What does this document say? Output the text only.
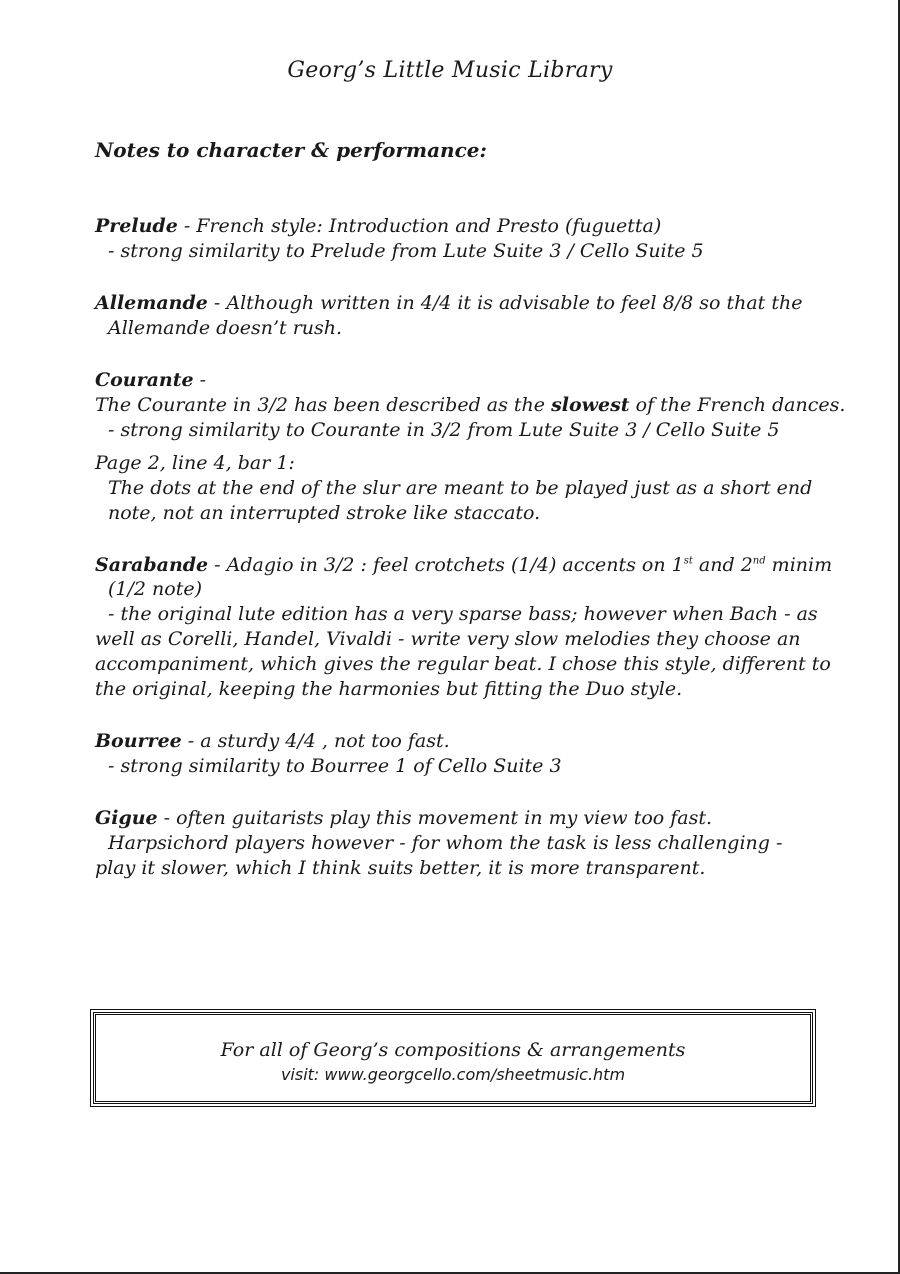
Georg’s Little Music Library
Notes to character & performance:
Prelude - French style: Introduction and Presto (fuguetta)
- strong similarity to Prelude from Lute Suite 3 / Cello Suite 5
Allemande - Although written in 4/4 it is advisable to feel 8/8 so that the
Allemande doesn’t rush.
Courante -
The Courante in 3/2 has been described as the slowest of the French dances.
- strong similarity to Courante in 3/2 from Lute Suite 3 / Cello Suite 5
Page 2, line 4, bar 1:
The dots at the end of the slur are meant to be played just as a short end
note, not an interrupted stroke like staccato.
Sarabande - Adagio in 3/2 : feel crotchets (1/4) accents on 1st and 2nd minim
(1/2 note)
- the original lute edition has a very sparse bass; however when Bach - as
well as Corelli, Handel, Vivaldi - write very slow melodies they choose an
accompaniment, which gives the regular beat. I chose this style, different to
the original, keeping the harmonies but fitting the Duo style.
Bourree - a sturdy 4/4 , not too fast.
- strong similarity to Bourree 1 of Cello Suite 3
Gigue - often guitarists play this movement in my view too fast.
Harpsichord players however - for whom the task is less challenging -
play it slower, which I think suits better, it is more transparent.
For all of Georg’s compositions & arrangements
visit: www.georgcello.com/sheetmusic.htm
